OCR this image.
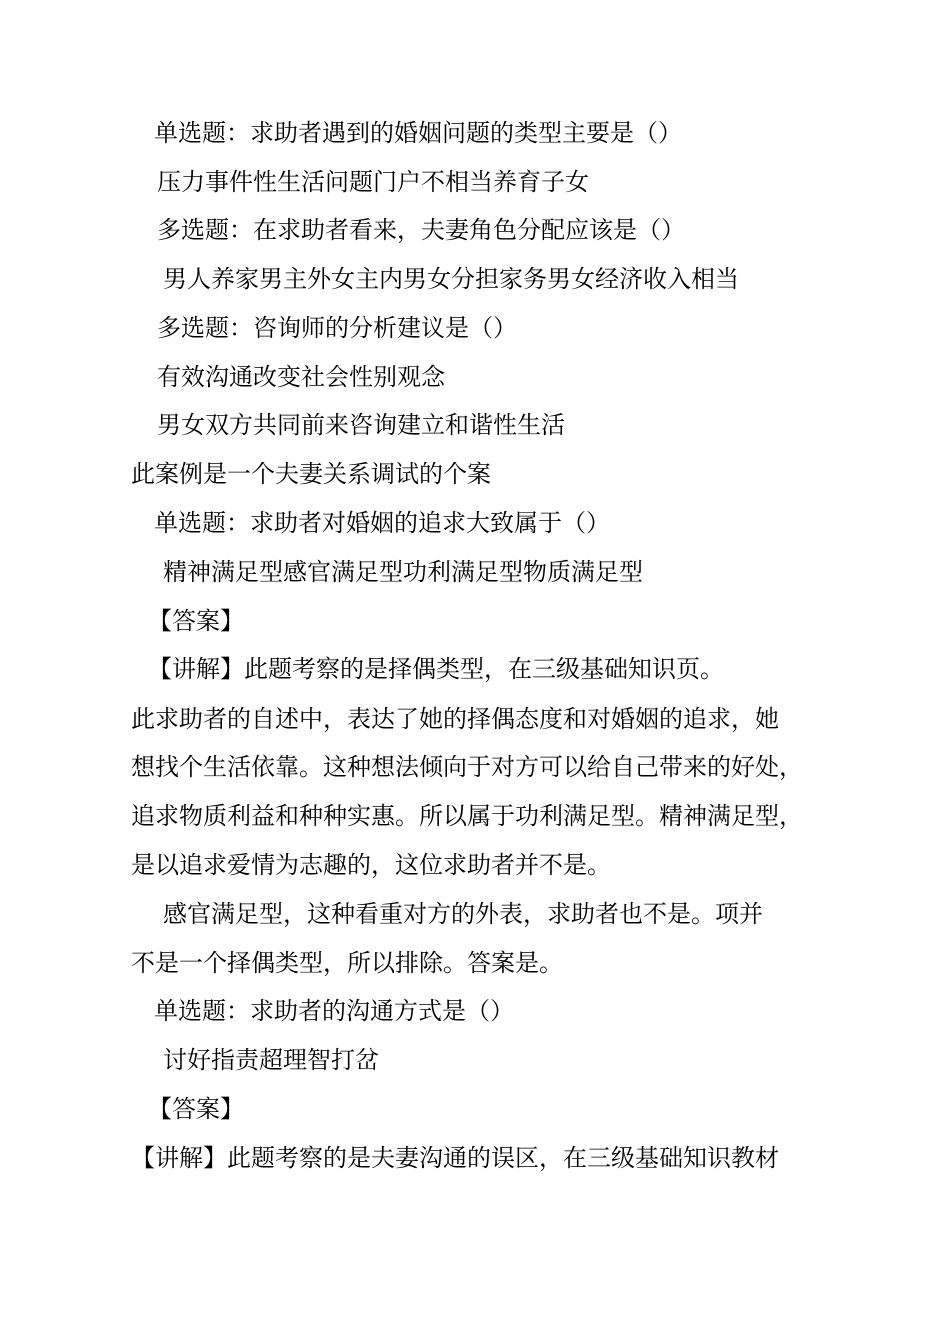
单选题：求助者遇到的婚姻问题的类型主要是（）
压力事件性生活问题门户不相当养育子女
多选题：在求助者看来，夫妻角色分配应该是（）
男人养家男主外女主内男女分担家务男女经济收入相当
多选题：咨询师的分析建议是（）
有效沟通改变社会性别观念
男女双方共同前来咨询建立和谐性生活
此案例是一个夫妻关系调试的个案
单选题：求助者对婚姻的追求大致属于（）
精神满足型感官满足型功利满足型物质满足型
【答案】
【讲解】此题考察的是择偶类型，在三级基础知识页。
此求助者的自述中，表达了她的择偶态度和对婚姻的追求，她
想找个生活依靠。这种想法倾向于对方可以给自己带来的好处，
追求物质利益和种种实惠。所以属于功利满足型。精神满足型，
是以追求爱情为志趣的，这位求助者并不是。
感官满足型，这种看重对方的外表，求助者也不是。项并
不是一个择偶类型，所以排除。答案是。
单选题：求助者的沟通方式是（）
讨好指责超理智打岔
【答案】
【讲解】此题考察的是夫妻沟通的误区，在三级基础知识教材
